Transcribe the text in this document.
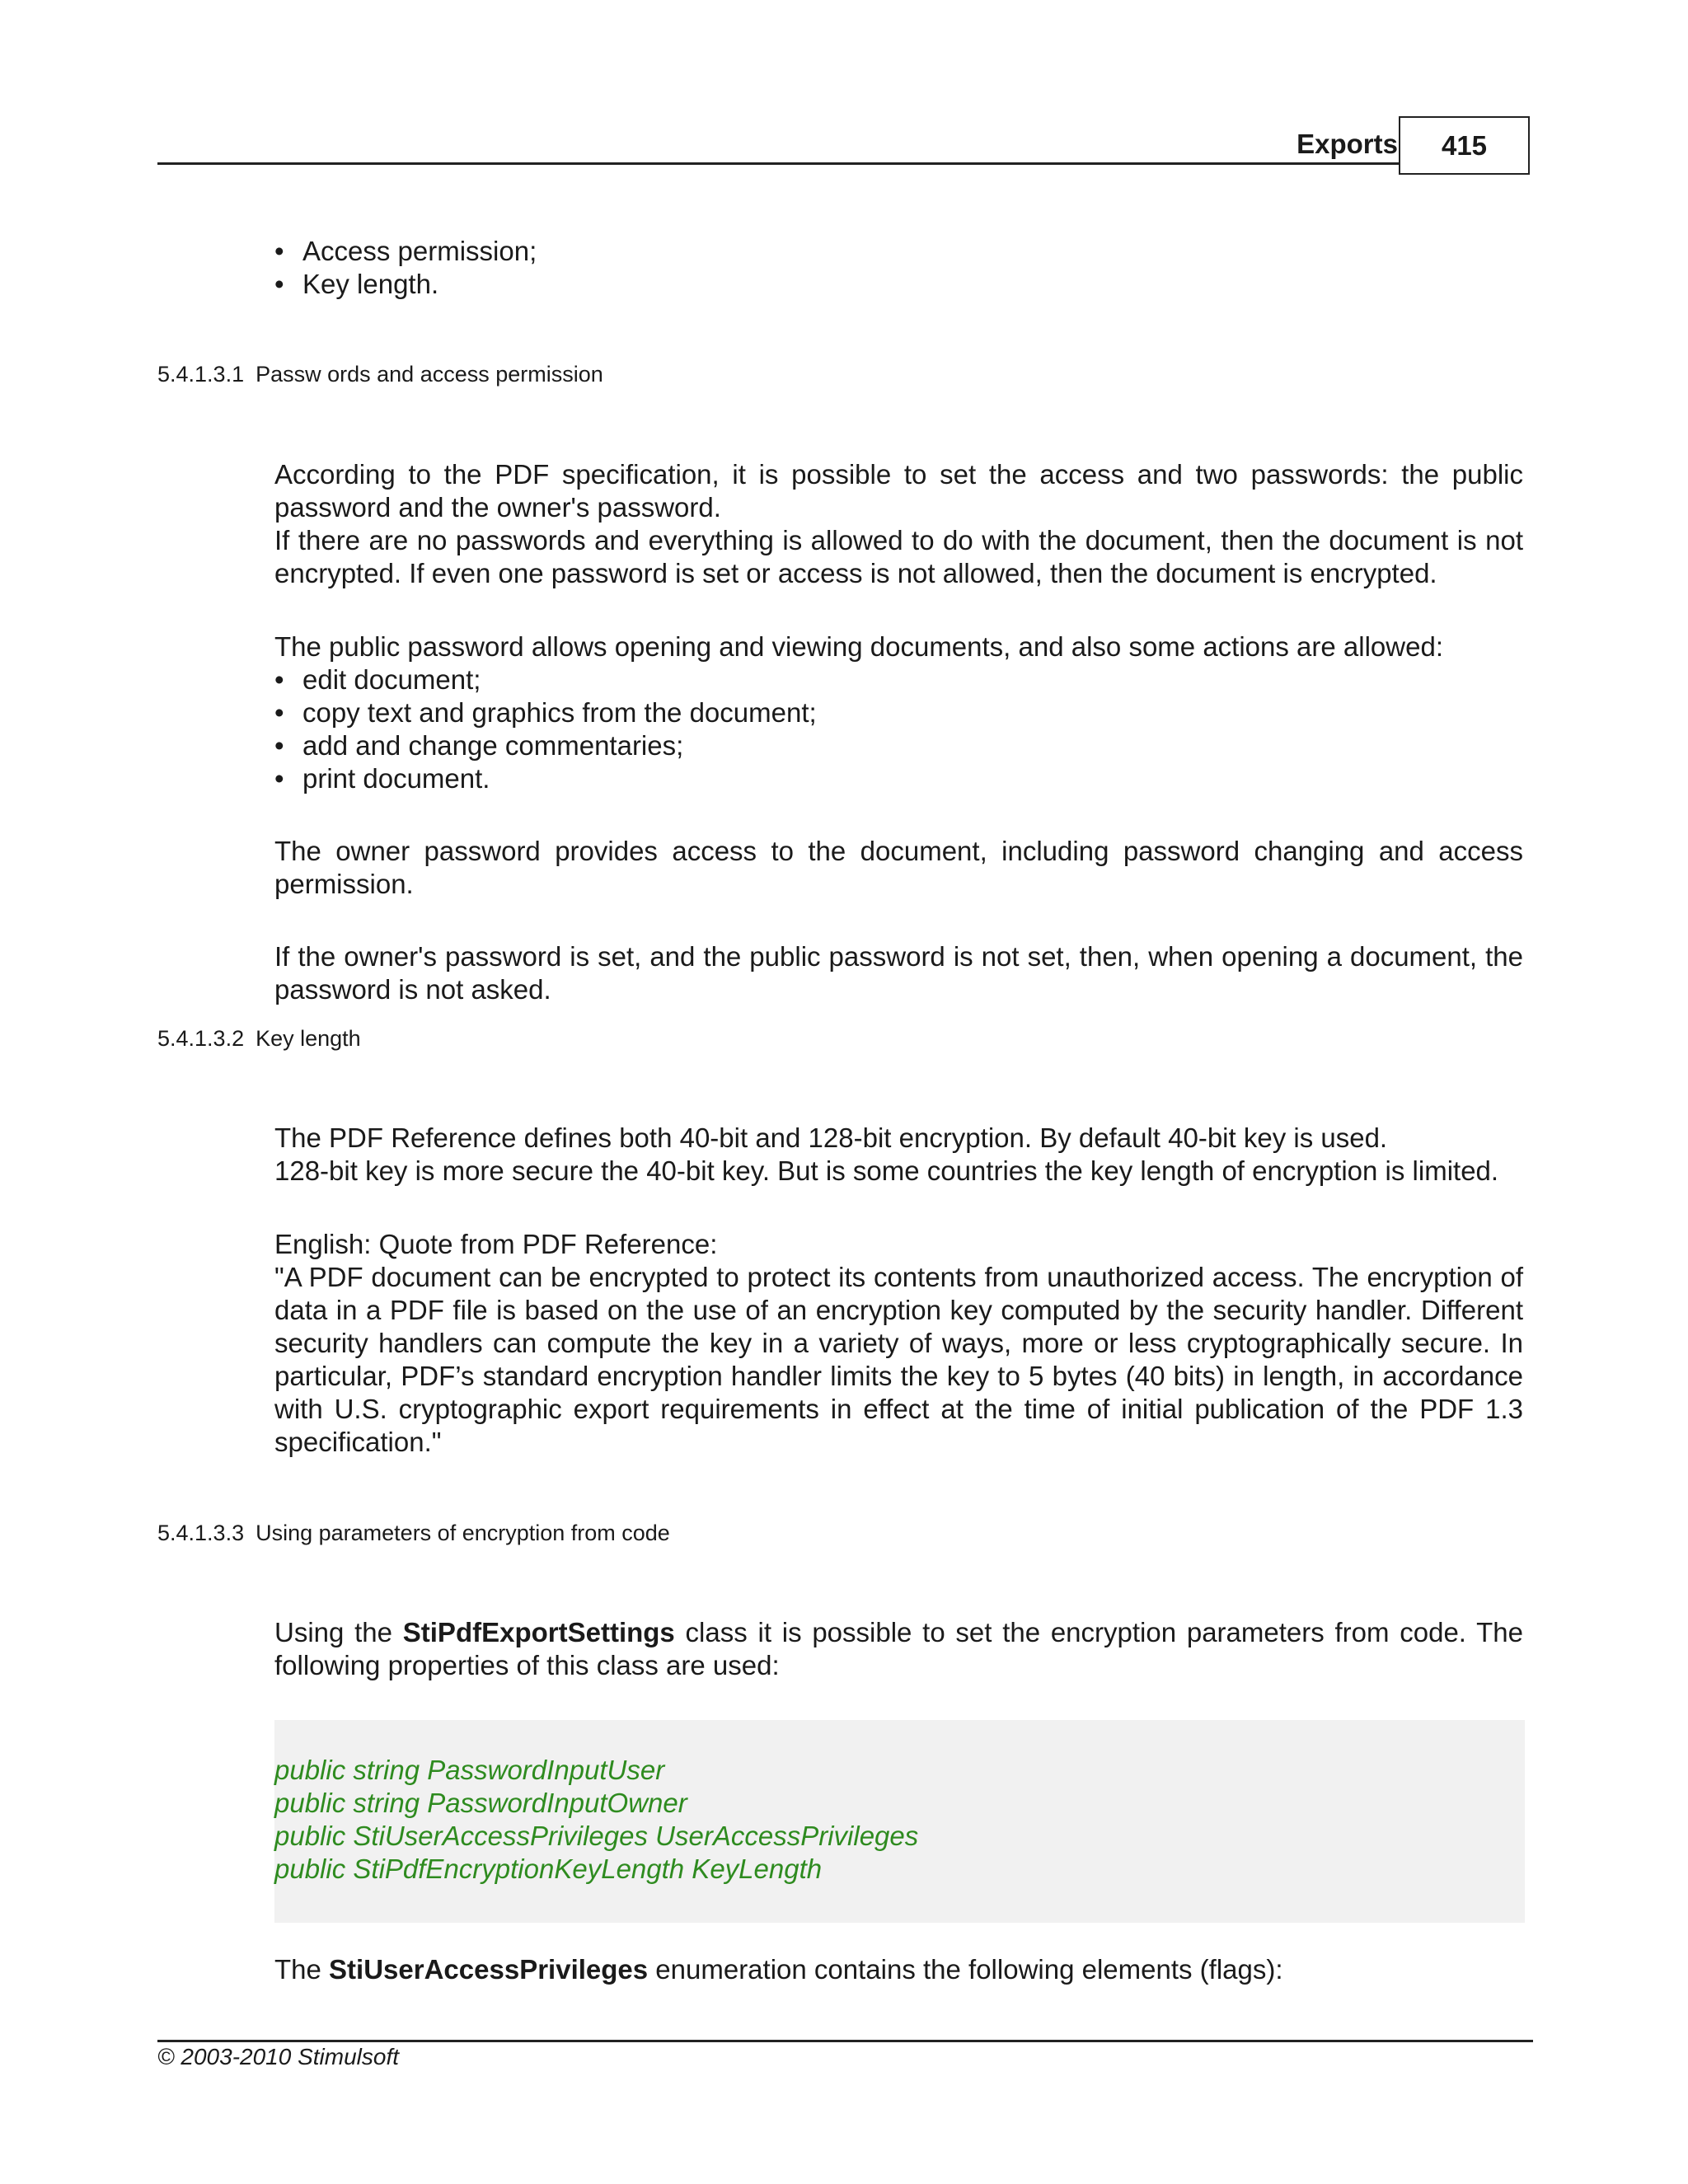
Exports	415
• Access permission;
• Key length.
5.4.1.3.1 Passw ords and access permission
According to the PDF specification, it is possible to set the access and two passwords: the public
password and the owner's password.
If there are no passwords and everything is allowed to do with the document, then the document is not
encrypted. If even one password is set or access is not allowed, then the document is encrypted.
The public password allows opening and viewing documents, and also some actions are allowed:
• edit document;
• copy text and graphics from the document;
• add and change commentaries;
• print document.
The owner password provides access to the document, including password changing and access
permission.
If the owner's password is set, and the public password is not set, then, when opening a document, the
password is not asked.
5.4.1.3.2 Key length
The PDF Reference defines both 40-bit and 128-bit encryption. By default 40-bit key is used.
128-bit key is more secure the 40-bit key. But is some countries the key length of encryption is limited.
English: Quote from PDF Reference:
"A PDF document can be encrypted to protect its contents from unauthorized access. The encryption of
data in a PDF file is based on the use of an encryption key computed by the security handler. Different
security handlers can compute the key in a variety of ways, more or less cryptographically secure. In
particular, PDF’s standard encryption handler limits the key to 5 bytes (40 bits) in length, in accordance
with U.S. cryptographic export requirements in effect at the time of initial publication of the PDF 1.3
specification."
5.4.1.3.3 Using parameters of encryption from code
Using the StiPdfExportSettings class it is possible to set the encryption parameters from code. The
following properties of this class are used:
public string PasswordInputUser
public string PasswordInputOwner
public StiUserAccessPrivileges UserAccessPrivileges
public StiPdfEncryptionKeyLength KeyLength
The StiUserAccessPrivileges enumeration contains the following elements (flags):
© 2003-2010 Stimulsoft
